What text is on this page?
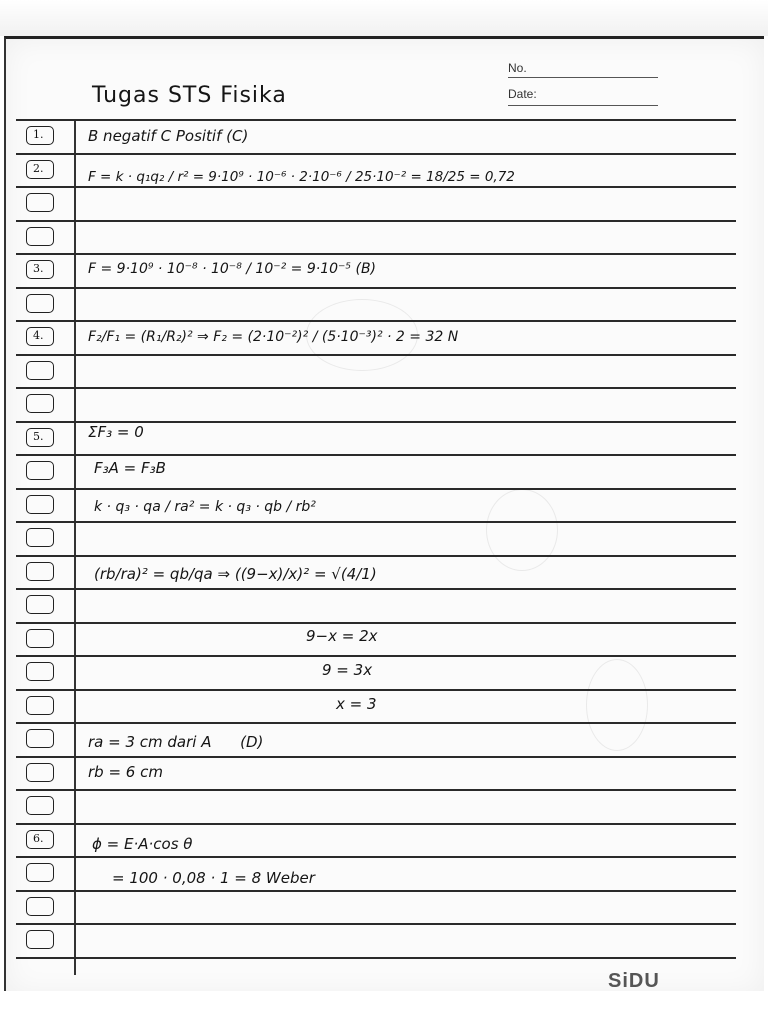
Tugas STS Fisika
No.
Date:
1.
2.
3.
4.
5.
6.
B negatif C Positif (C)
F = k · q₁q₂ / r² = 9·10⁹ · 10⁻⁶ · 2·10⁻⁶ / 25·10⁻² = 18/25 = 0,72
F = 9·10⁹ · 10⁻⁸ · 10⁻⁸ / 10⁻² = 9·10⁻⁵ (B)
F₂/F₁ = (R₁/R₂)² ⇒ F₂ = (2·10⁻²)² / (5·10⁻³)² · 2 = 32 N
ΣF₃ = 0
F₃A = F₃B
k · q₃ · qa / ra² = k · q₃ · qb / rb²
(rb/ra)² = qb/qa ⇒ ((9−x)/x)² = √(4/1)
9−x = 2x
9 = 3x
x = 3
ra = 3 cm dari A      (D)
rb = 6 cm
ϕ = E·A·cos θ
= 100 · 0,08 · 1 = 8 Weber
SiDU
